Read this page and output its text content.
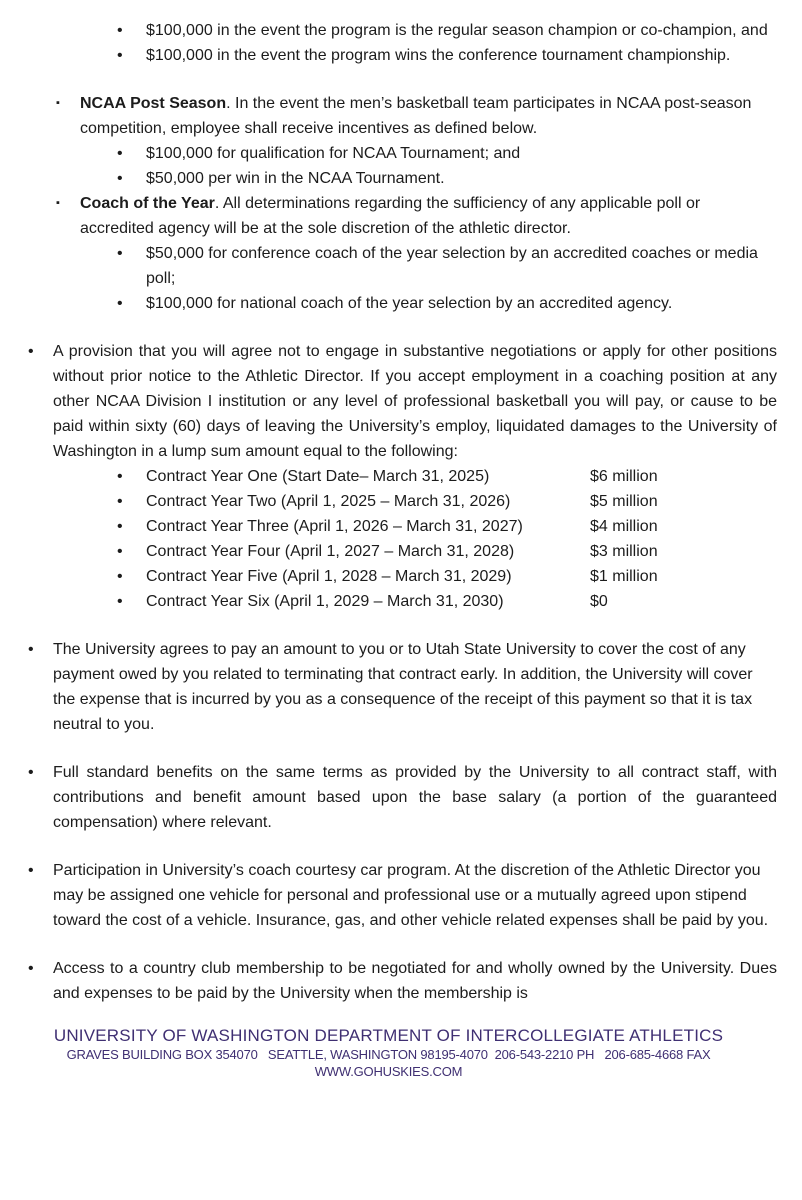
•	$100,000 in the event the program is the regular season champion or co-champion, and
•	$100,000 in the event the program wins the conference tournament championship.
▪	NCAA Post Season. In the event the men’s basketball team participates in NCAA post-season competition, employee shall receive incentives as defined below.
•	$100,000 for qualification for NCAA Tournament; and
•	$50,000 per win in the NCAA Tournament.
▪	Coach of the Year. All determinations regarding the sufficiency of any applicable poll or accredited agency will be at the sole discretion of the athletic director.
•	$50,000 for conference coach of the year selection by an accredited coaches or media poll;
•	$100,000 for national coach of the year selection by an accredited agency.
•	A provision that you will agree not to engage in substantive negotiations or apply for other positions without prior notice to the Athletic Director. If you accept employment in a coaching position at any other NCAA Division I institution or any level of professional basketball you will pay, or cause to be paid within sixty (60) days of leaving the University’s employ, liquidated damages to the University of Washington in a lump sum amount equal to the following:
•	Contract Year One (Start Date– March 31, 2025)	$6 million
•	Contract Year Two (April 1, 2025 – March 31, 2026)	$5 million
•	Contract Year Three (April 1, 2026 – March 31, 2027)	$4 million
•	Contract Year Four (April 1, 2027 – March 31, 2028)	$3 million
•	Contract Year Five (April 1, 2028 – March 31, 2029)	$1 million
•	Contract Year Six (April 1, 2029 – March 31, 2030)	$0
•	The University agrees to pay an amount to you or to Utah State University to cover the cost of any payment owed by you related to terminating that contract early. In addition, the University will cover the expense that is incurred by you as a consequence of the receipt of this payment so that it is tax neutral to you.
•	Full standard benefits on the same terms as provided by the University to all contract staff, with contributions and benefit amount based upon the base salary (a portion of the guaranteed compensation) where relevant.
•	Participation in University’s coach courtesy car program. At the discretion of the Athletic Director you may be assigned one vehicle for personal and professional use or a mutually agreed upon stipend toward the cost of a vehicle. Insurance, gas, and other vehicle related expenses shall be paid by you.
•	Access to a country club membership to be negotiated for and wholly owned by the University. Dues and expenses to be paid by the University when the membership is
UNIVERSITY OF WASHINGTON DEPARTMENT OF INTERCOLLEGIATE ATHLETICS
GRAVES BUILDING BOX 354070   SEATTLE, WASHINGTON 98195-4070  206-543-2210 PH   206-685-4668 FAX
WWW.GOHUSKIES.COM
